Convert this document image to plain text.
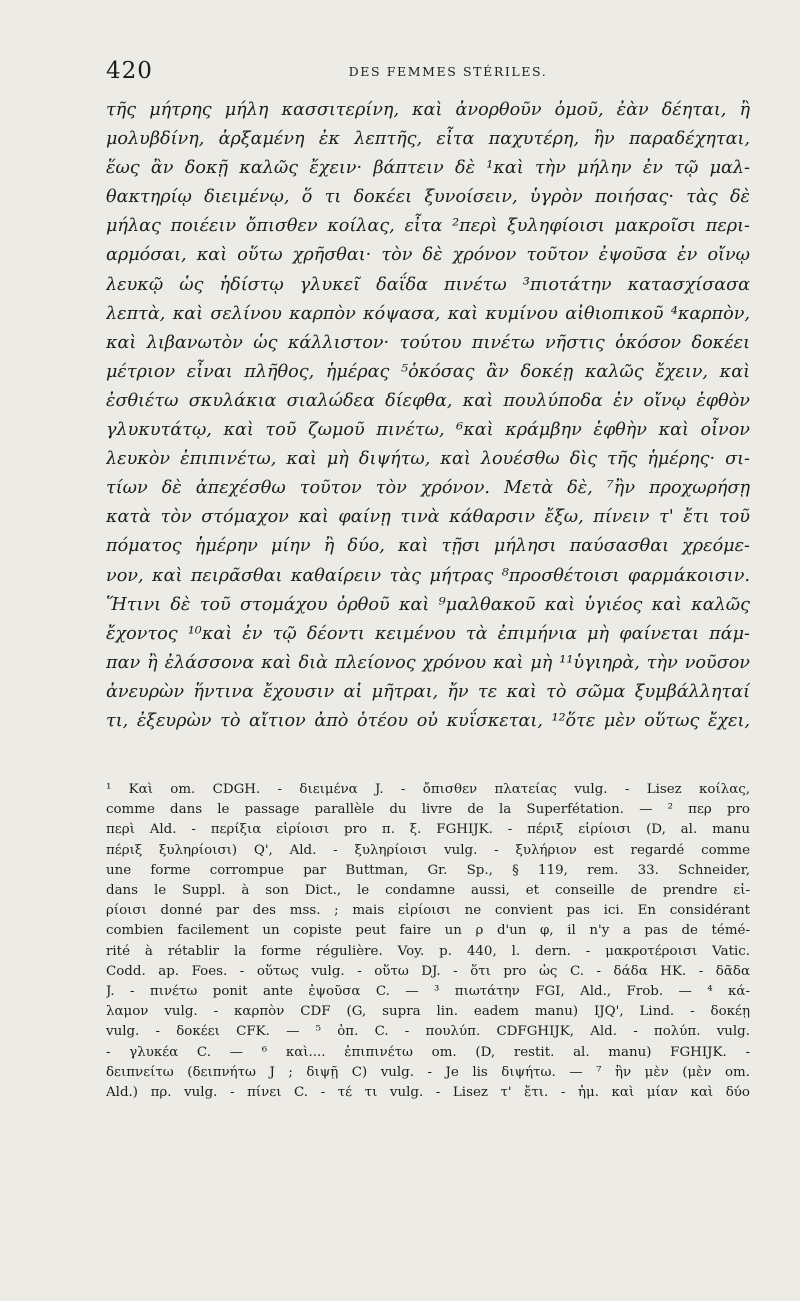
420	DES FEMMES STÉRILES.
τῆς μήτρης μήλη κασσιτερίνη, καὶ ἀνορθοῦν ὁμοῦ, ἐὰν δέηται, ἢ
μολυβδίνη, ἀρξαμένη ἐκ λεπτῆς, εἶτα παχυτέρη, ἣν παραδέχηται,
ἕως ἂν δοκῇ καλῶς ἔχειν· βάπτειν δὲ ¹καὶ τὴν μήλην ἐν τῷ μαλ-
θακτηρίῳ διειμένῳ, ὅ τι δοκέει ξυνοίσειν, ὑγρὸν ποιήσας· τὰς δὲ
μήλας ποιέειν ὄπισθεν κοίλας, εἶτα ²περὶ ξυληφίοισι μακροῖσι περι-
αρμόσαι, καὶ οὕτω χρῆσθαι· τὸν δὲ χρόνον τοῦτον ἐψοῦσα ἐν οἴνῳ
λευκῷ ὡς ἡδίστῳ γλυκεῖ δαΐδα πινέτω ³πιοτάτην κατασχίσασα
λεπτὰ, καὶ σελίνου καρπὸν κόψασα, καὶ κυμίνου αἰθιοπικοῦ ⁴καρπὸν,
καὶ λιβανωτὸν ὡς κάλλιστον· τούτου πινέτω νῆστις ὁκόσον δοκέει
μέτριον εἶναι πλῆθος, ἡμέρας ⁵ὁκόσας ἂν δοκέῃ καλῶς ἔχειν, καὶ
ἐσθιέτω σκυλάκια σιαλώδεα δίεφθα, καὶ πουλύποδα ἐν οἴνῳ ἑφθὸν
γλυκυτάτῳ, καὶ τοῦ ζωμοῦ πινέτω, ⁶καὶ κράμβην ἑφθὴν καὶ οἶνον
λευκὸν ἐπιπινέτω, καὶ μὴ διψήτω, καὶ λουέσθω δὶς τῆς ἡμέρης· σι-
τίων δὲ ἀπεχέσθω τοῦτον τὸν χρόνον. Μετὰ δὲ, ⁷ἢν προχωρήσῃ
κατὰ τὸν στόμαχον καὶ φαίνῃ τινὰ κάθαρσιν ἔξω, πίνειν τ' ἔτι τοῦ
πόματος ἡμέρην μίην ἢ δύο, καὶ τῇσι μήλησι παύσασθαι χρεόμε-
νον, καὶ πειρᾶσθαι καθαίρειν τὰς μήτρας ⁸προσθέτοισι φαρμάκοισιν.
Ἥτινι δὲ τοῦ στομάχου ὀρθοῦ καὶ ⁹μαλθακοῦ καὶ ὑγιέος καὶ καλῶς
ἔχοντος ¹⁰καὶ ἐν τῷ δέοντι κειμένου τὰ ἐπιμήνια μὴ φαίνεται πάμ-
παν ἢ ἐλάσσονα καὶ διὰ πλείονος χρόνου καὶ μὴ ¹¹ὑγιηρὰ, τὴν νοῦσον
ἀνευρὼν ἥντινα ἔχουσιν αἱ μῆτραι, ἤν τε καὶ τὸ σῶμα ξυμβάλληταί
τι, ἐξευρὼν τὸ αἴτιον ἀπὸ ὁτέου οὐ κυΐσκεται, ¹²ὅτε μὲν οὕτως ἔχει,
¹ Καὶ om. CDGH. - διειμένα J. - ὄπισθεν πλατείας vulg. - Lisez κοίλας,
comme dans le passage parallèle du livre de la Superfétation. — ² περ pro
περὶ Ald. - περίξια εἰρίοισι pro π. ξ. FGHIJK. - πέριξ εἰρίοισι (D, al. manu
πέριξ ξυληρίοισι) Q', Ald. - ξυληρίοισι vulg. - ξυλήριον est regardé comme
une forme corrompue par Buttman, Gr. Sp., § 119, rem. 33. Schneider,
dans le Suppl. à son Dict., le condamne aussi, et conseille de prendre εἰ-
ρίοισι donné par des mss. ; mais εἰρίοισι ne convient pas ici. En considérant
combien facilement un copiste peut faire un ρ d'un φ, il n'y a pas de témé-
rité à rétablir la forme régulière. Voy. p. 440, l. dern. - μακροτέροισι Vatic.
Codd. ap. Foes. - οὕτως vulg. - οὕτω DJ. - ὅτι pro ὡς C. - δάδα HK. - δᾶδα
J. - πινέτω ponit ante ἐψοῦσα C. — ³ πιωτάτην FGI, Ald., Frob. — ⁴ κά-
λαμον vulg. - καρπὸν CDF (G, supra lin. eadem manu) IJQ', Lind. - δοκέῃ
vulg. - δοκέει CFK. — ⁵ ὁπ. C. - πουλύπ. CDFGHIJK, Ald. - πολύπ. vulg.
- γλυκέα C. — ⁶ καὶ.... ἐπιπινέτω om. (D, restit. al. manu) FGHIJK. -
δειπνείτω (δειπνήτω J ; διψῇ C) vulg. - Je lis διψήτω. — ⁷ ἢν μὲν (μὲν om.
Ald.) πρ. vulg. - πίνει C. - τέ τι vulg. - Lisez τ' ἔτι. - ἡμ. καὶ μίαν καὶ δύο
